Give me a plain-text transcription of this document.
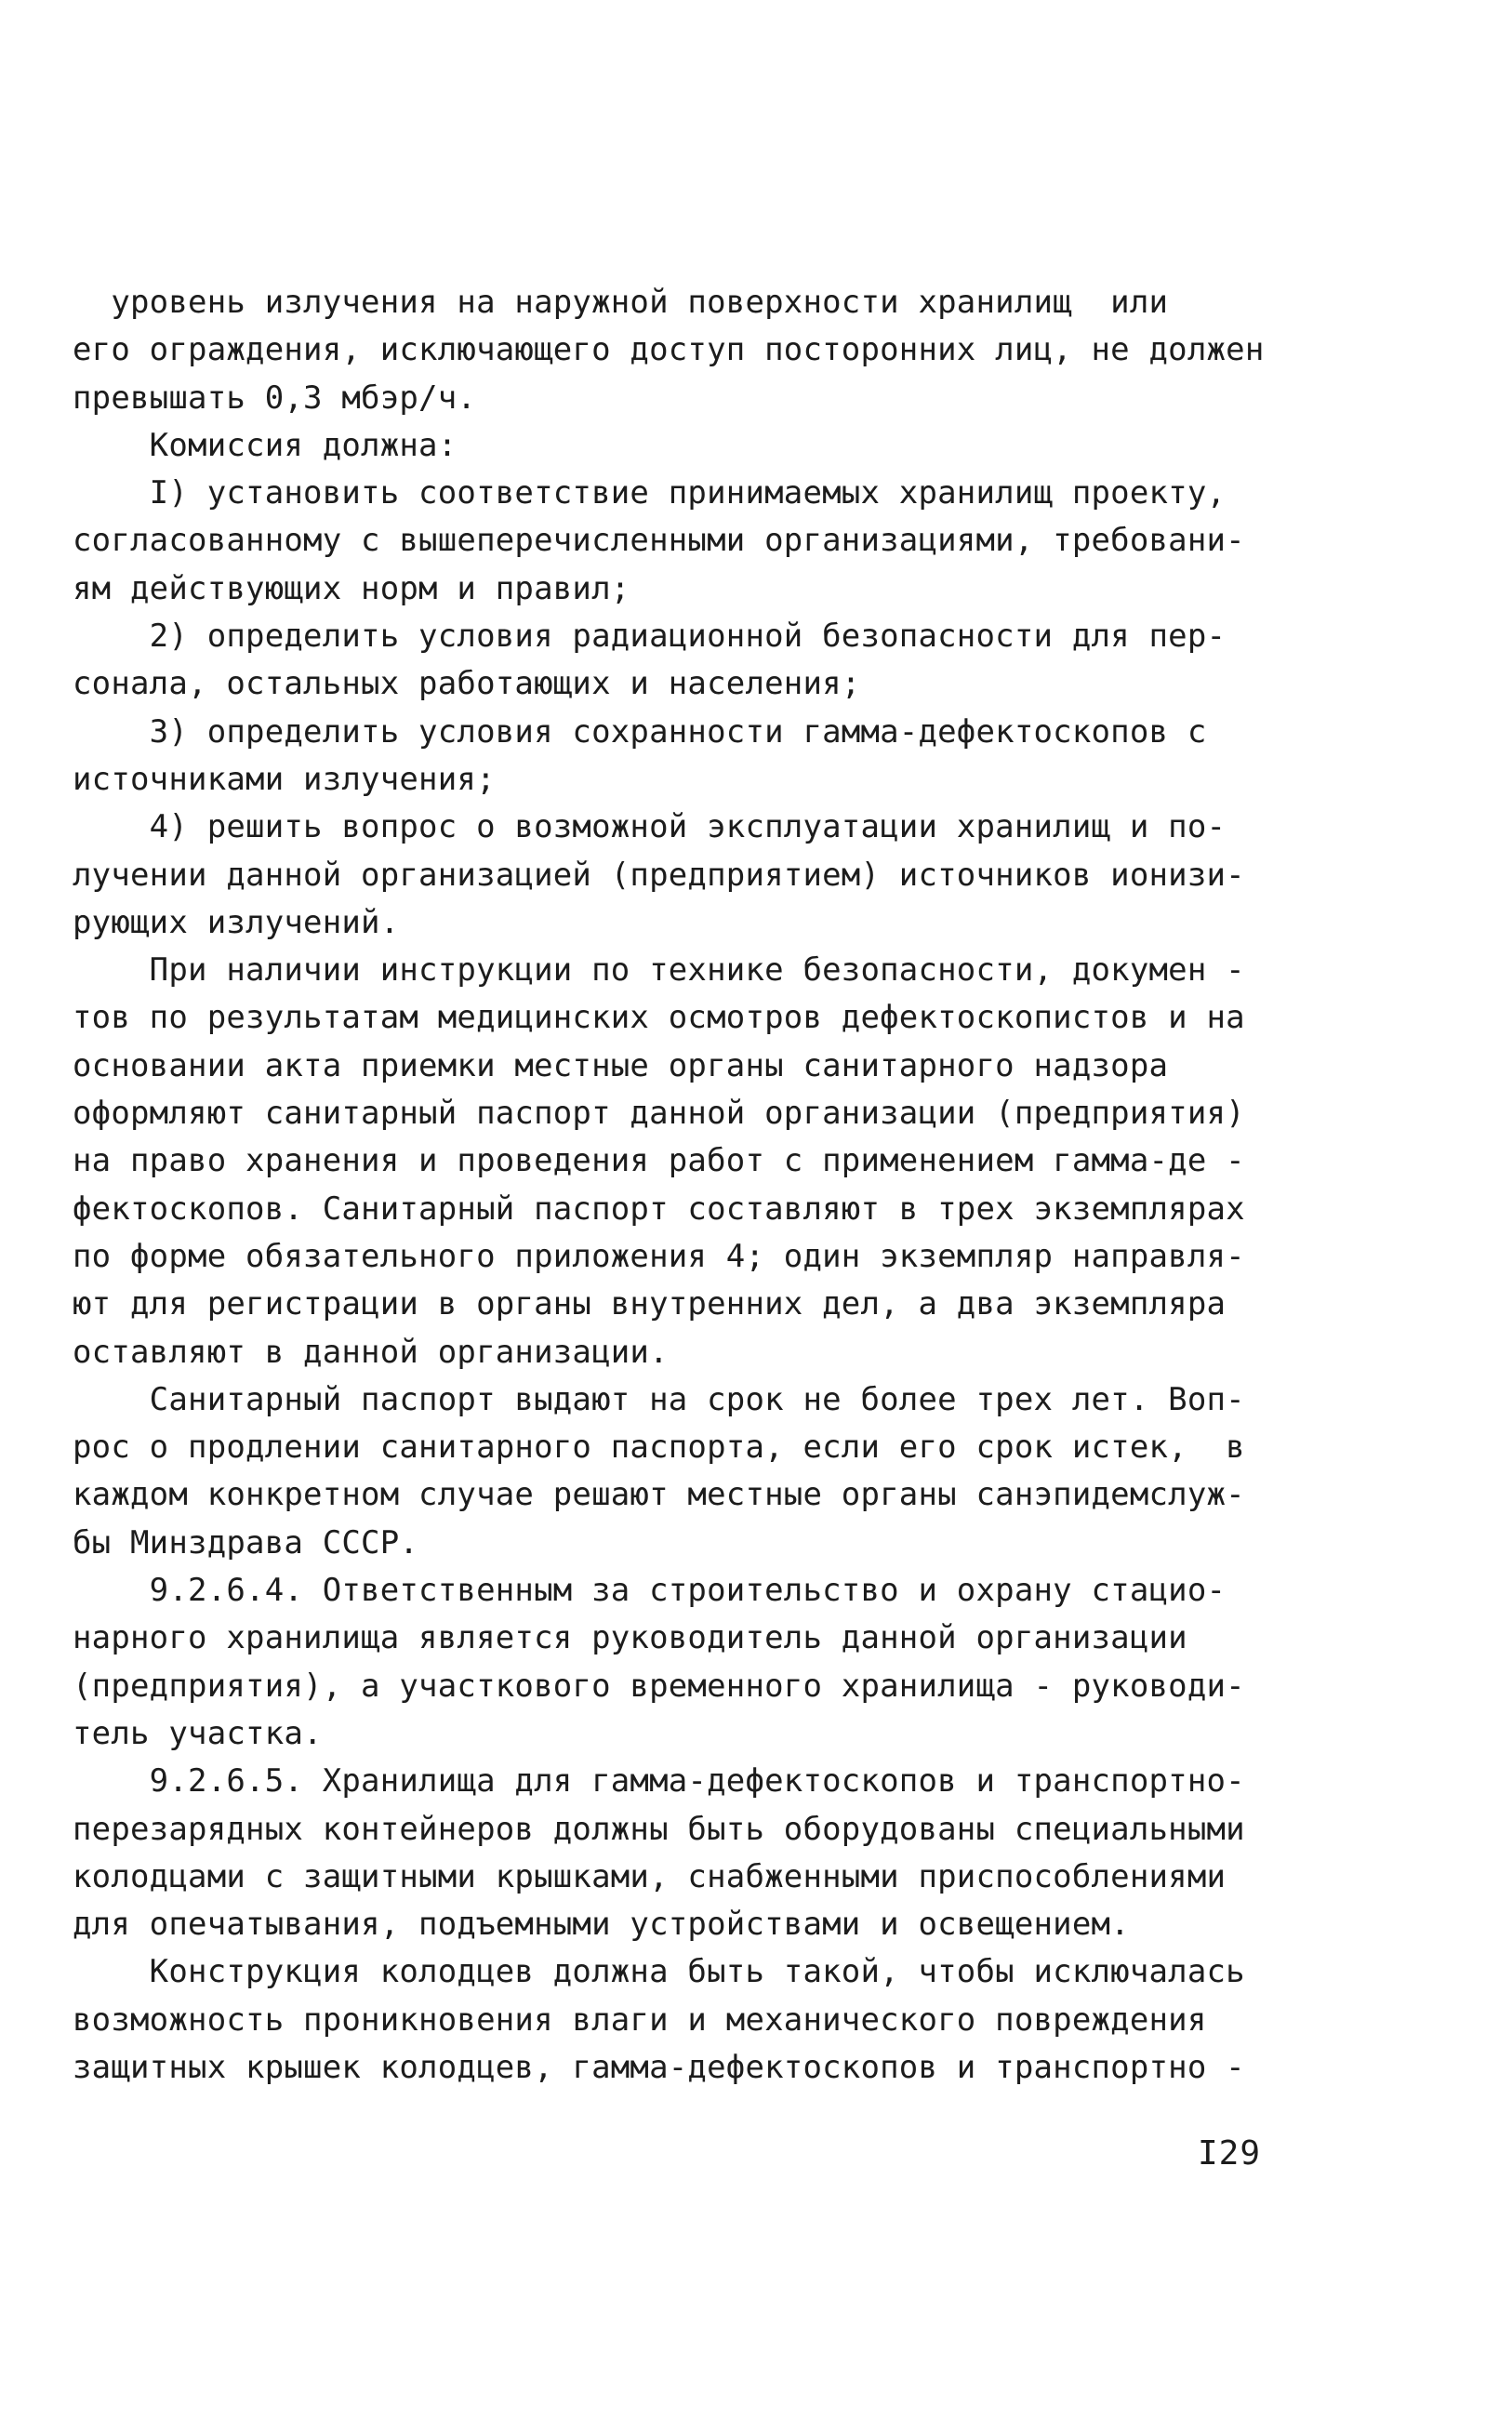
уровень излучения на наружной поверхности хранилищ  или
его ограждения, исключающего доступ посторонних лиц, не должен
превышать 0,3 мбэр/ч.
Комиссия должна:
I) установить соответствие принимаемых хранилищ проекту,
согласованному с вышеперечисленными организациями, требовани-
ям действующих норм и правил;
2) определить условия радиационной безопасности для пер-
сонала, остальных работающих и населения;
3) определить условия сохранности гамма-дефектоскопов с
источниками излучения;
4) решить вопрос о возможной эксплуатации хранилищ и по-
лучении данной организацией (предприятием) источников ионизи-
рующих излучений.
При наличии инструкции по технике безопасности, докумен -
тов по результатам медицинских осмотров дефектоскопистов и на
основании акта приемки местные органы санитарного надзора
оформляют санитарный паспорт данной организации (предприятия)
на право хранения и проведения работ с применением гамма-де -
фектоскопов. Санитарный паспорт составляют в трех экземплярах
по форме обязательного приложения 4; один экземпляр направля-
ют для регистрации в органы внутренних дел, а два экземпляра
оставляют в данной организации.
Санитарный паспорт выдают на срок не более трех лет. Воп-
рос о продлении санитарного паспорта, если его срок истек,  в
каждом конкретном случае решают местные органы санэпидемслуж-
бы Минздрава СССР.
9.2.6.4. Ответственным за строительство и охрану стацио-
нарного хранилища является руководитель данной организации
(предприятия), а участкового временного хранилища - руководи-
тель участка.
9.2.6.5. Хранилища для гамма-дефектоскопов и транспортно-
перезарядных контейнеров должны быть оборудованы специальными
колодцами с защитными крышками, снабженными приспособлениями
для опечатывания, подъемными устройствами и освещением.
Конструкция колодцев должна быть такой, чтобы исключалась
возможность проникновения влаги и механического повреждения
защитных крышек колодцев, гамма-дефектоскопов и транспортно -
I29
